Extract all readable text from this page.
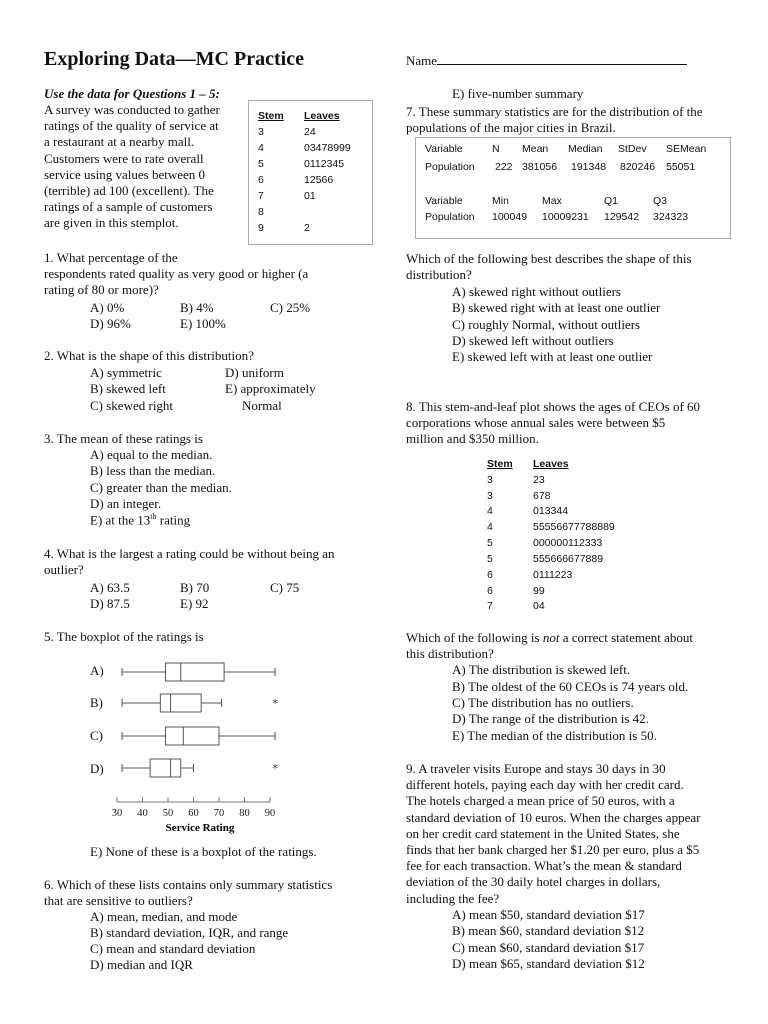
Exploring Data—MC Practice	Name
Use the data for Questions 1 – 5:
A survey was conducted to gather
ratings of the quality of service at
a restaurant at a nearby mall.
Customers were to rate overall
service using values between 0
(terrible) ad 100 (excellent). The
ratings of a sample of customers
are given in this stemplot.
Stem Leaves
3	24
4	03478999
5	0112345
6	12566
7	01
8
9	2
1. What percentage of the
respondents rated quality as very good or higher (a
rating of 80 or more)?
A) 0%	B) 4%	C) 25%
D) 96%	E) 100%
2. What is the shape of this distribution?
A) symmetric	D) uniform
B) skewed left	E) approximately
C) skewed right	Normal
3. The mean of these ratings is
A) equal to the median.
B) less than the median.
C) greater than the median.
D) an integer.
E) at the 13th rating
4. What is the largest a rating could be without being an
outlier?
A) 63.5	B) 70	C) 75
D) 87.5	E) 92
5. The boxplot of the ratings is
A)
B)
C)
D)
*
*
30 40 50 60 70 80 90
Service Rating
E) None of these is a boxplot of the ratings.
6. Which of these lists contains only summary statistics
that are sensitive to outliers?
A) mean, median, and mode
B) standard deviation, IQR, and range
C) mean and standard deviation
D) median and IQR
E) five-number summary
7. These summary statistics are for the distribution of the
populations of the major cities in Brazil.
Variable	N Mean Median StDev SEMean
Population 222 381056 191348 820246 55051
Variable	Min	Max	Q1	Q3
Population 100049 10009231 129542 324323
Which of the following best describes the shape of this
distribution?
A) skewed right without outliers
B) skewed right with at least one outlier
C) roughly Normal, without outliers
D) skewed left without outliers
E) skewed left with at least one outlier
8. This stem-and-leaf plot shows the ages of CEOs of 60
corporations whose annual sales were between $5
million and $350 million.
Stem Leaves
3	23
3	678
4	013344
4	55556677788889
5	000000112333
5	555666677889
6	0111223
6	99
7	04
Which of the following is not a correct statement about
this distribution?
A) The distribution is skewed left.
B) The oldest of the 60 CEOs is 74 years old.
C) The distribution has no outliers.
D) The range of the distribution is 42.
E) The median of the distribution is 50.
9. A traveler visits Europe and stays 30 days in 30
different hotels, paying each day with her credit card.
The hotels charged a mean price of 50 euros, with a
standard deviation of 10 euros. When the charges appear
on her credit card statement in the United States, she
finds that her bank charged her $1.20 per euro, plus a $5
fee for each transaction. What’s the mean & standard
deviation of the 30 daily hotel charges in dollars,
including the fee?
A) mean $50, standard deviation $17
B) mean $60, standard deviation $12
C) mean $60, standard deviation $17
D) mean $65, standard deviation $12
